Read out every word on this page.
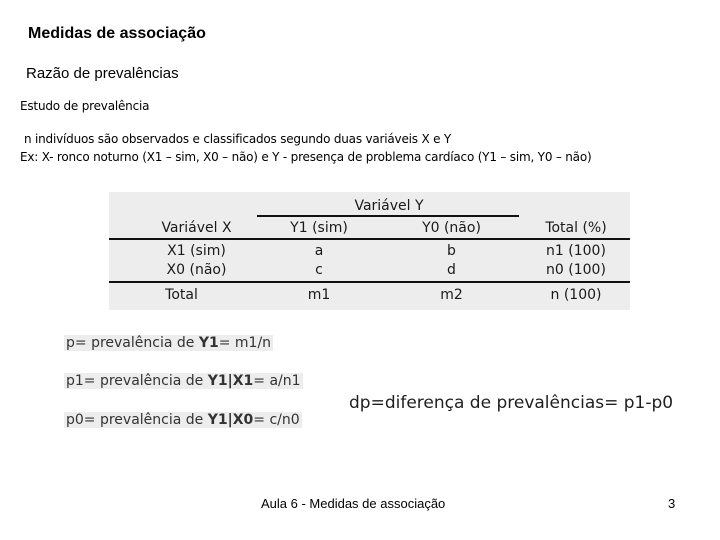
Medidas de associação
Razão de prevalências
Estudo de prevalência
n indivíduos são observados e classificados segundo duas variáveis X e Y
Ex: X- ronco noturno (X1 – sim, X0 – não) e Y - presença de problema cardíaco (Y1 – sim, Y0 – não)
Variável Y
Variável X	Y1 (sim)	Y0 (não)	Total (%)
X1 (sim)	a	b	n1 (100)
X0 (não)	c	d	n0 (100)
Total	m1	m2	n (100)
p= prevalência de Y1= m1/n
p1= prevalência de Y1|X1= a/n1
p0= prevalência de Y1|X0= c/n0
dp=diferença de prevalências= p1-p0
Aula 6 - Medidas de associação	3
